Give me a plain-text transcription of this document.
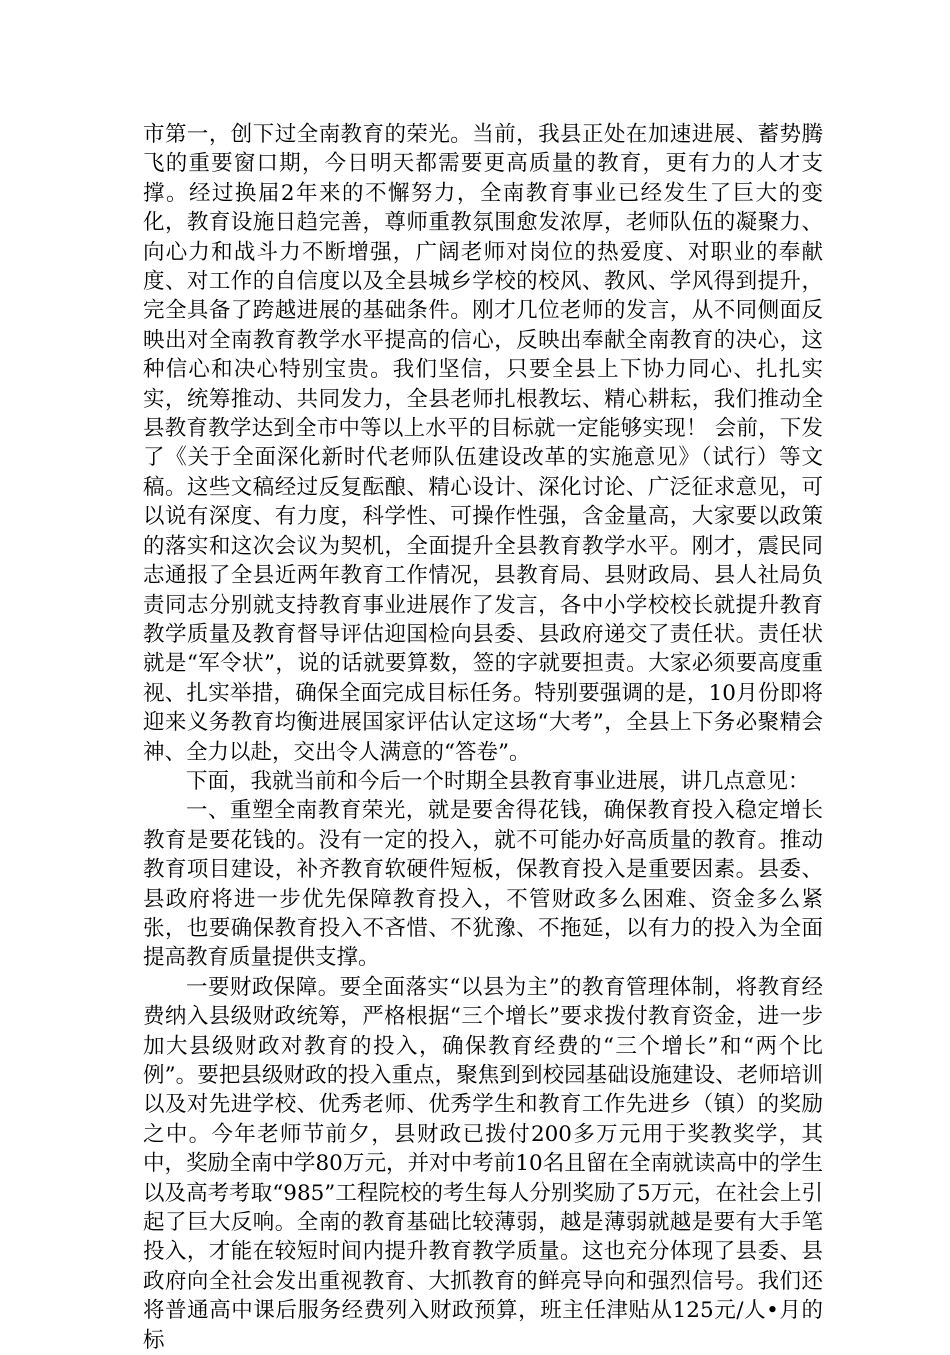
市第一，创下过全南教育的荣光。当前，我县正处在加速进展、蓄势腾飞的重要窗口期，今日明天都需要更高质量的教育，更有力的人才支撑。经过换届2年来的不懈努力，全南教育事业已经发生了巨大的变化，教育设施日趋完善，尊师重教氛围愈发浓厚，老师队伍的凝聚力、向心力和战斗力不断增强，广阔老师对岗位的热爱度、对职业的奉献度、对工作的自信度以及全县城乡学校的校风、教风、学风得到提升，完全具备了跨越进展的基础条件。刚才几位老师的发言，从不同侧面反映出对全南教育教学水平提高的信心，反映出奉献全南教育的决心，这种信心和决心特别宝贵。我们坚信，只要全县上下协力同心、扎扎实实，统筹推动、共同发力，全县老师扎根教坛、精心耕耘，我们推动全县教育教学达到全市中等以上水平的目标就一定能够实现！ 会前，下发了《关于全面深化新时代老师队伍建设改革的实施意见》（试行）等文稿。这些文稿经过反复酝酿、精心设计、深化讨论、广泛征求意见，可以说有深度、有力度，科学性、可操作性强，含金量高，大家要以政策的落实和这次会议为契机，全面提升全县教育教学水平。刚才，震民同志通报了全县近两年教育工作情况，县教育局、县财政局、县人社局负责同志分别就支持教育事业进展作了发言，各中小学校校长就提升教育教学质量及教育督导评估迎国检向县委、县政府递交了责任状。责任状就是“军令状”，说的话就要算数，签的字就要担责。大家必须要高度重视、扎实举措，确保全面完成目标任务。特别要强调的是，10月份即将迎来义务教育均衡进展国家评估认定这场“大考”，全县上下务必聚精会神、全力以赴，交出令人满意的“答卷”。

下面，我就当前和今后一个时期全县教育事业进展，讲几点意见：

一、重塑全南教育荣光，就是要舍得花钱，确保教育投入稳定增长 教育是要花钱的。没有一定的投入，就不可能办好高质量的教育。推动教育项目建设，补齐教育软硬件短板，保教育投入是重要因素。县委、县政府将进一步优先保障教育投入，不管财政多么困难、资金多么紧张，也要确保教育投入不吝惜、不犹豫、不拖延，以有力的投入为全面提高教育质量提供支撑。

一要财政保障。要全面落实“以县为主”的教育管理体制，将教育经费纳入县级财政统筹，严格根据“三个增长”要求拨付教育资金，进一步加大县级财政对教育的投入，确保教育经费的“三个增长”和“两个比例”。要把县级财政的投入重点，聚焦到到校园基础设施建设、老师培训以及对先进学校、优秀老师、优秀学生和教育工作先进乡（镇）的奖励之中。今年老师节前夕，县财政已拨付200多万元用于奖教奖学，其中，奖励全南中学80万元，并对中考前10名且留在全南就读高中的学生以及高考考取“985”工程院校的考生每人分别奖励了5万元，在社会上引起了巨大反响。全南的教育基础比较薄弱，越是薄弱就越是要有大手笔投入，才能在较短时间内提升教育教学质量。这也充分体现了县委、县政府向全社会发出重视教育、大抓教育的鲜亮导向和强烈信号。我们还将普通高中课后服务经费列入财政预算，班主任津贴从125元/人•月的标
